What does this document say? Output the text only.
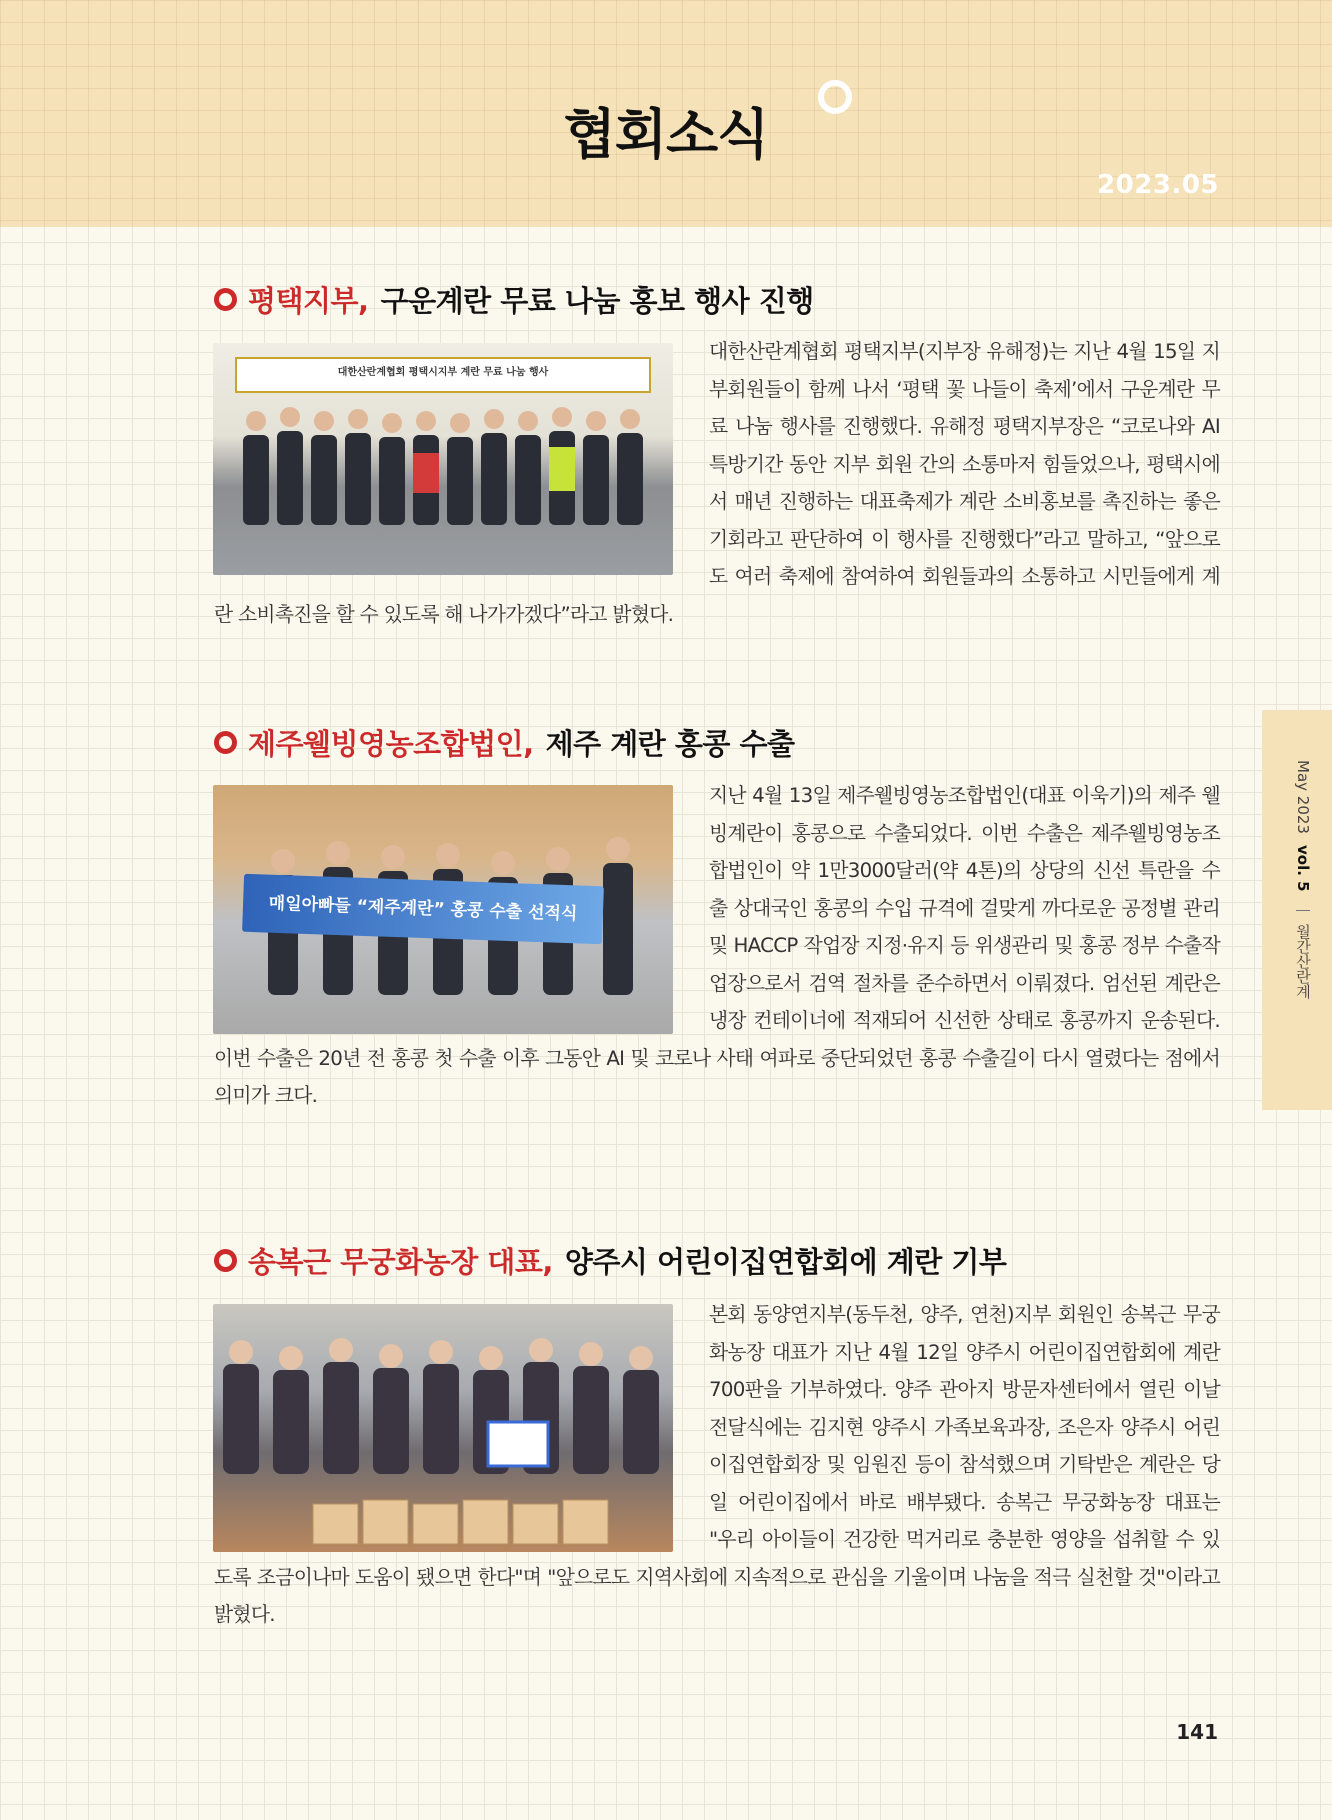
협회소식
2023.05
평택지부, 구운계란 무료 나눔 홍보 행사 진행
대한산란계협회 평택시지부 계란 무료 나눔 행사

대한산란계협회 평택지부(지부장 유해정)는 지난 4월 15일 지부회원들이 함께 나서 ‘평택 꽃 나들이 축제’에서 구운계란 무료 나눔 행사를 진행했다. 유해정 평택지부장은 “코로나와 AI 특방기간 동안 지부 회원 간의 소통마저 힘들었으나, 평택시에서 매년 진행하는 대표축제가 계란 소비홍보를 촉진하는 좋은 기회라고 판단하여 이 행사를 진행했다”라고 말하고, “앞으로도 여러 축제에 참여하여 회원들과의 소통하고 시민들에게 계란 소비촉진을 할 수 있도록 해 나가가겠다”라고 밝혔다.

제주웰빙영농조합법인, 제주 계란 홍콩 수출
매일아빠들 “제주계란” 홍콩 수출 선적식

지난 4월 13일 제주웰빙영농조합법인(대표 이욱기)의 제주 웰빙계란이 홍콩으로 수출되었다. 이번 수출은 제주웰빙영농조합법인이 약 1만3000달러(약 4톤)의 상당의 신선 특란을 수출 상대국인 홍콩의 수입 규격에 걸맞게 까다로운 공정별 관리 및 HACCP 작업장 지정·유지 등 위생관리 및 홍콩 정부 수출작업장으로서 검역 절차를 준수하면서 이뤄졌다. 엄선된 계란은 냉장 컨테이너에 적재되어 신선한 상태로 홍콩까지 운송된다. 이번 수출은 20년 전 홍콩 첫 수출 이후 그동안 AI 및 코로나 사태 여파로 중단되었던 홍콩 수출길이 다시 열렸다는 점에서 의미가 크다.

송복근 무궁화농장 대표, 양주시 어린이집연합회에 계란 기부

본회 동양연지부(동두천, 양주, 연천)지부 회원인 송복근 무궁화농장 대표가 지난 4월 12일 양주시 어린이집연합회에 계란 700판을 기부하였다. 양주 관아지 방문자센터에서 열린 이날 전달식에는 김지현 양주시 가족보육과장, 조은자 양주시 어린이집연합회장 및 임원진 등이 참석했으며 기탁받은 계란은 당일 어린이집에서 바로 배부됐다. 송복근 무궁화농장 대표는 "우리 아이들이 건강한 먹거리로 충분한 영양을 섭취할 수 있도록 조금이나마 도움이 됐으면 한다"며 "앞으로도 지역사회에 지속적으로 관심을 기울이며 나눔을 적극 실천할 것"이라고 밝혔다.

May 2023 vol. 5  월간산란계
141
